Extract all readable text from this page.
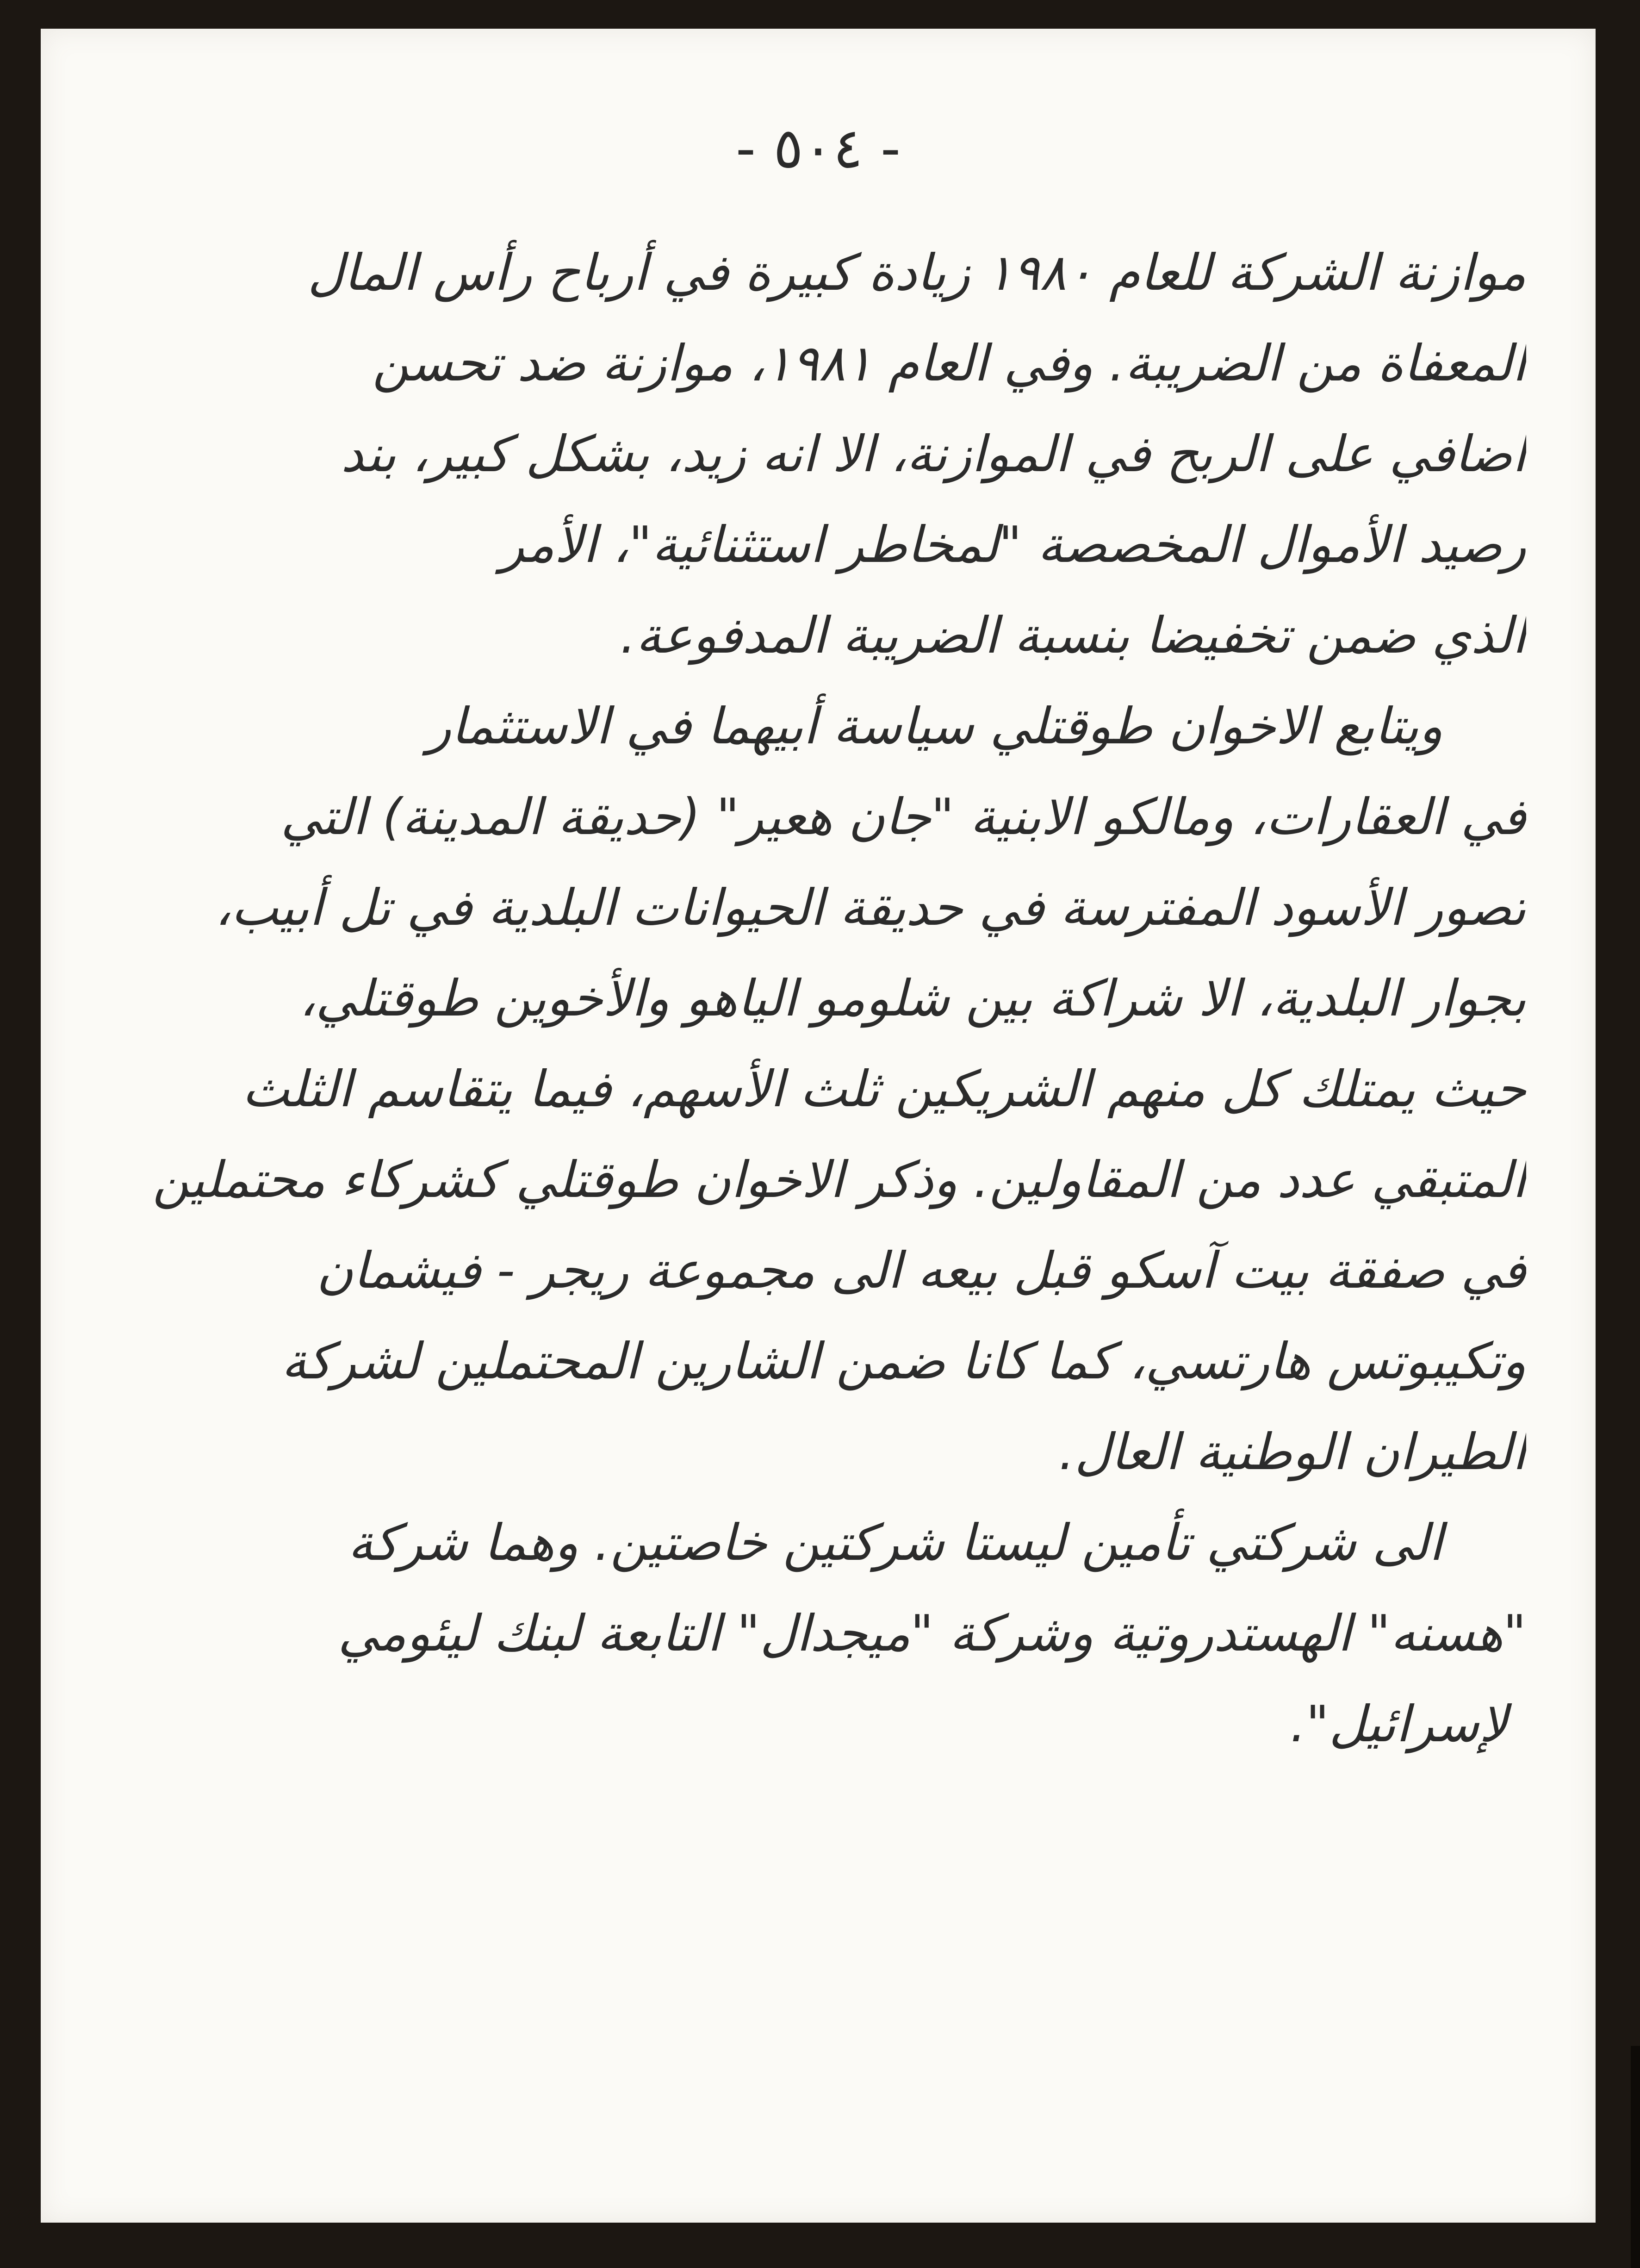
- ٥٠٤ -
موازنة الشركة للعام ١٩٨٠ زيادة كبيرة في أرباح رأس المال
المعفاة من الضريبة. وفي العام ١٩٨١، موازنة ضد تحسن
اضافي على الربح في الموازنة، الا انه زيد، بشكل كبير، بند
رصيد الأموال المخصصة "لمخاطر استثنائية"، الأمر
الذي ضمن تخفيضا بنسبة الضريبة المدفوعة.
ويتابع الاخوان طوقتلي سياسة أبيهما في الاستثمار
في العقارات، ومالكو الابنية "جان هعير" (حديقة المدينة) التي
تصور الأسود المفترسة في حديقة الحيوانات البلدية في تل أبيب،
بجوار البلدية، الا شراكة بين شلومو الياهو والأخوين طوقتلي،
حيث يمتلك كل منهم الشريكين ثلث الأسهم، فيما يتقاسم الثلث
المتبقي عدد من المقاولين. وذكر الاخوان طوقتلي كشركاء محتملين
في صفقة بيت آسكو قبل بيعه الى مجموعة ريجر - فيشمان
وتكيبوتس هارتسي، كما كانا ضمن الشارين المحتملين لشركة
الطيران الوطنية العال.
الى شركتي تأمين ليستا شركتين خاصتين. وهما شركة
"هسنه" الهستدروتية وشركة "ميجدال" التابعة لبنك ليئومي
لإسرائيل".
